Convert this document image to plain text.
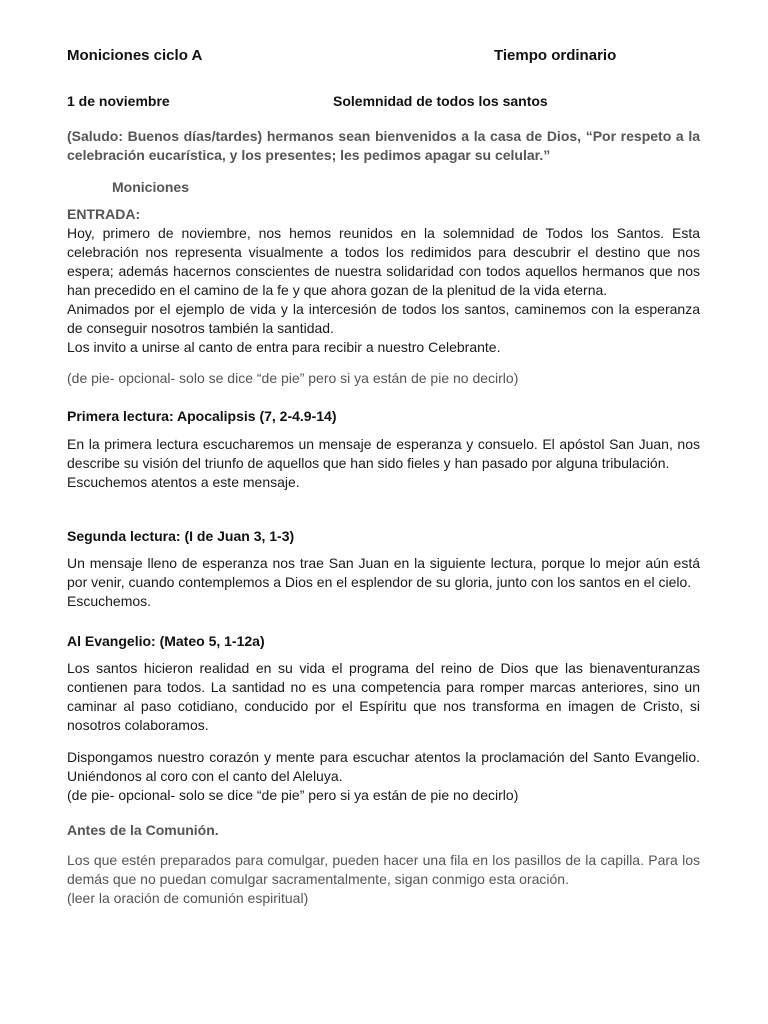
Moniciones ciclo A	Tiempo ordinario
1 de noviembre	Solemnidad de todos los santos
(Saludo: Buenos días/tardes) hermanos sean bienvenidos a la casa de Dios, “Por respeto a la celebración eucarística, y los presentes; les pedimos apagar su celular.”
Moniciones

ENTRADA:

Hoy, primero de noviembre, nos hemos reunidos en la solemnidad de Todos los Santos. Esta celebración nos representa visualmente a todos los redimidos para descubrir el destino que nos espera; además hacernos conscientes de nuestra solidaridad con todos aquellos hermanos que nos han precedido en el camino de la fe y que ahora gozan de la plenitud de la vida eterna.

Animados por el ejemplo de vida y la intercesión de todos los santos, caminemos con la esperanza de conseguir nosotros también la santidad.

Los invito a unirse al canto de entra para recibir a nuestro Celebrante.

(de pie- opcional- solo se dice “de pie” pero si ya están de pie no decirlo)
Primera lectura: Apocalipsis (7, 2-4.9-14)

En la primera lectura escucharemos un mensaje de esperanza y consuelo. El apóstol San Juan, nos describe su visión del triunfo de aquellos que han sido fieles y han pasado por alguna tribulación.

Escuchemos atentos a este mensaje.

Segunda lectura: (I de Juan 3, 1-3)

Un mensaje lleno de esperanza nos trae San Juan en la siguiente lectura, porque lo mejor aún está por venir, cuando contemplemos a Dios en el esplendor de su gloria, junto con los santos en el cielo.

Escuchemos.

Al Evangelio: (Mateo 5, 1-12a)
Los santos hicieron realidad en su vida el programa del reino de Dios que las bienaventuranzas contienen para todos. La santidad no es una competencia para romper marcas anteriores, sino un caminar al paso cotidiano, conducido por el Espíritu que nos transforma en imagen de Cristo, si nosotros colaboramos.

Dispongamos nuestro corazón y mente para escuchar atentos la proclamación del Santo Evangelio. Uniéndonos al coro con el canto del Aleluya.

(de pie- opcional- solo se dice “de pie” pero si ya están de pie no decirlo)

Antes de la Comunión.

Los que estén preparados para comulgar, pueden hacer una fila en los pasillos de la capilla. Para los demás que no puedan comulgar sacramentalmente, sigan conmigo esta oración.

(leer la oración de comunión espiritual)
